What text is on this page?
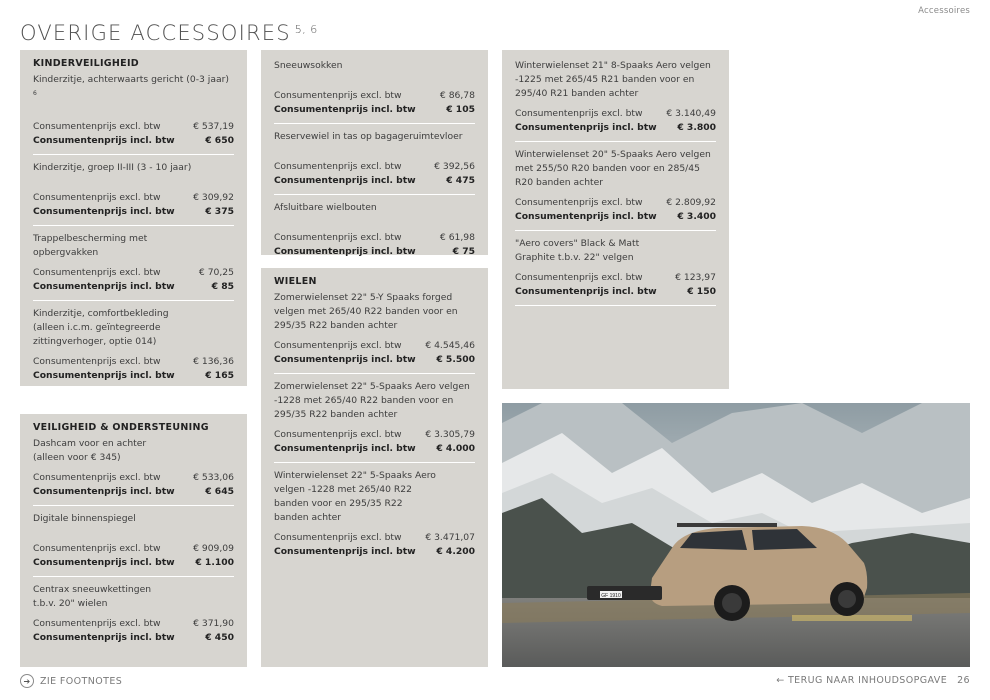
Accessoires
OVERIGE ACCESSOIRES $^{5, 6}$
KINDERVEILIGHEID
Kinderzitje, achterwaarts gericht (0-3 jaar) $^6$
Consumentenprijs excl. btw	€ 537,19
Consumentenprijs incl. btw	€ 650
Kinderzitje, groep II-III (3 - 10 jaar)
Consumentenprijs excl. btw	€ 309,92
Consumentenprijs incl. btw	€ 375
Trappelbescherming met opbergvakken
Consumentenprijs excl. btw	€ 70,25
Consumentenprijs incl. btw	€ 85
Kinderzitje, comfortbekleding (alleen i.c.m. geïntegreerde zittingverhoger, optie 014)
Consumentenprijs excl. btw	€ 136,36
Consumentenprijs incl. btw	€ 165
VEILIGHEID & ONDERSTEUNING
Dashcam voor en achter (alleen voor € 345)
Consumentenprijs excl. btw	€ 533,06
Consumentenprijs incl. btw	€ 645
Digitale binnenspiegel
Consumentenprijs excl. btw	€ 909,09
Consumentenprijs incl. btw € 1.100
Centrax sneeuwkettingen t.b.v. 20" wielen
Consumentenprijs excl. btw	€ 371,90
Consumentenprijs incl. btw	€ 450
Sneeuwsokken
Consumentenprijs excl. btw	€ 86,78
Consumentenprijs incl. btw	€ 105
Reservewiel in tas op bagageruimtevloer
Consumentenprijs excl. btw	€ 392,56
Consumentenprijs incl. btw	€ 475
Afsluitbare wielbouten
Consumentenprijs excl. btw	€ 61,98
Consumentenprijs incl. btw	€ 75
WIELEN
Zomerwielenset 22" 5-Y Spaaks forged velgen met 265/40 R22 banden voor en 295/35 R22 banden achter
Consumentenprijs excl. btw	€ 4.545,46
Consumentenprijs incl. btw € 5.500
Zomerwielenset 22" 5-Spaaks Aero velgen -1228 met 265/40 R22 banden voor en 295/35 R22 banden achter
Consumentenprijs excl. btw	€ 3.305,79
Consumentenprijs incl. btw € 4.000
Winterwielenset 22" 5-Spaaks Aero velgen -1228 met 265/40 R22 banden voor en 295/35 R22 banden achter
Consumentenprijs excl. btw	€ 3.471,07
Consumentenprijs incl. btw € 4.200
Winterwielenset 21" 8-Spaaks Aero velgen -1225 met 265/45 R21 banden voor en 295/40 R21 banden achter
Consumentenprijs excl. btw	€ 3.140,49
Consumentenprijs incl. btw € 3.800
Winterwielenset 20" 5-Spaaks Aero velgen met 255/50 R20 banden voor en 285/45 R20 banden achter
Consumentenprijs excl. btw	€ 2.809,92
Consumentenprijs incl. btw € 3.400
"Aero covers" Black & Matt Graphite t.b.v. 22" velgen
Consumentenprijs excl. btw	€ 123,97
Consumentenprijs incl. btw	€ 150
GF 1910
➔ ZIE FOOTNOTES	← TERUG NAAR INHOUDSOPGAVE 26
